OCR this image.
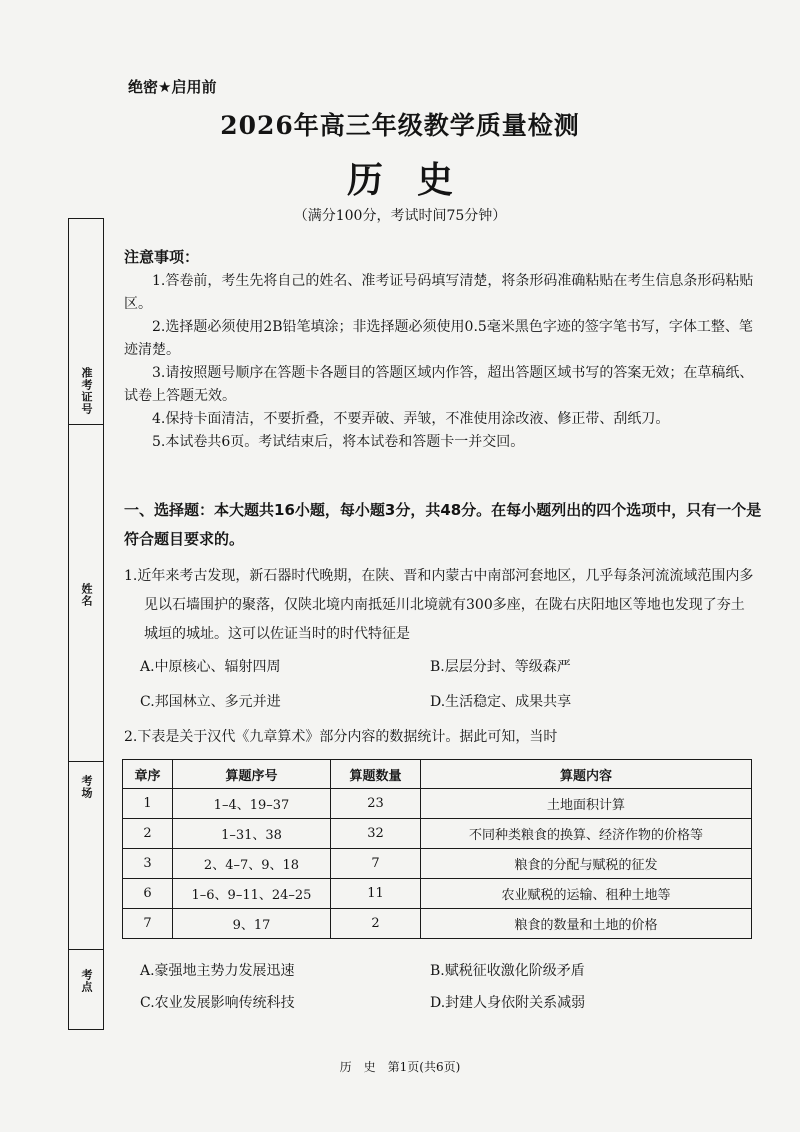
绝密★启用前
2026年高三年级教学质量检测
历史
（满分100分，考试时间75分钟）
准考证号
姓名
考场
考点
注意事项：

1.答卷前，考生先将自己的姓名、准考证号码填写清楚，将条形码准确粘贴在考生信息条形码粘贴区。

2.选择题必须使用2B铅笔填涂；非选择题必须使用0.5毫米黑色字迹的签字笔书写，字体工整、笔迹清楚。

3.请按照题号顺序在答题卡各题目的答题区域内作答，超出答题区域书写的答案无效；在草稿纸、试卷上答题无效。

4.保持卡面清洁，不要折叠，不要弄破、弄皱，不准使用涂改液、修正带、刮纸刀。

5.本试卷共6页。考试结束后，将本试卷和答题卡一并交回。

一、选择题：本大题共16小题，每小题3分，共48分。在每小题列出的四个选项中，只有一个是符合题目要求的。
1.近年来考古发现，新石器时代晚期，在陕、晋和内蒙古中南部河套地区，几乎每条河流流域范围内多见以石墙围护的聚落，仅陕北境内南抵延川北境就有300多座，在陇右庆阳地区等地也发现了夯土城垣的城址。这可以佐证当时的时代特征是
A.中原核心、辐射四周	B.层层分封、等级森严
C.邦国林立、多元并进	D.生活稳定、成果共享
2.下表是关于汉代《九章算术》部分内容的数据统计。据此可知，当时
章序	算题序号	算题数量	算题内容
1	1–4、19–37	23	土地面积计算
2	1–31、38	32	不同种类粮食的换算、经济作物的价格等
3	2、4–7、9、18	7	粮食的分配与赋税的征发
6	1–6、9–11、24–25	11	农业赋税的运输、租种土地等
7	9、17	2	粮食的数量和土地的价格
A.豪强地主势力发展迅速	B.赋税征收激化阶级矛盾
C.农业发展影响传统科技	D.封建人身依附关系减弱
历　史　第1页(共6页)
